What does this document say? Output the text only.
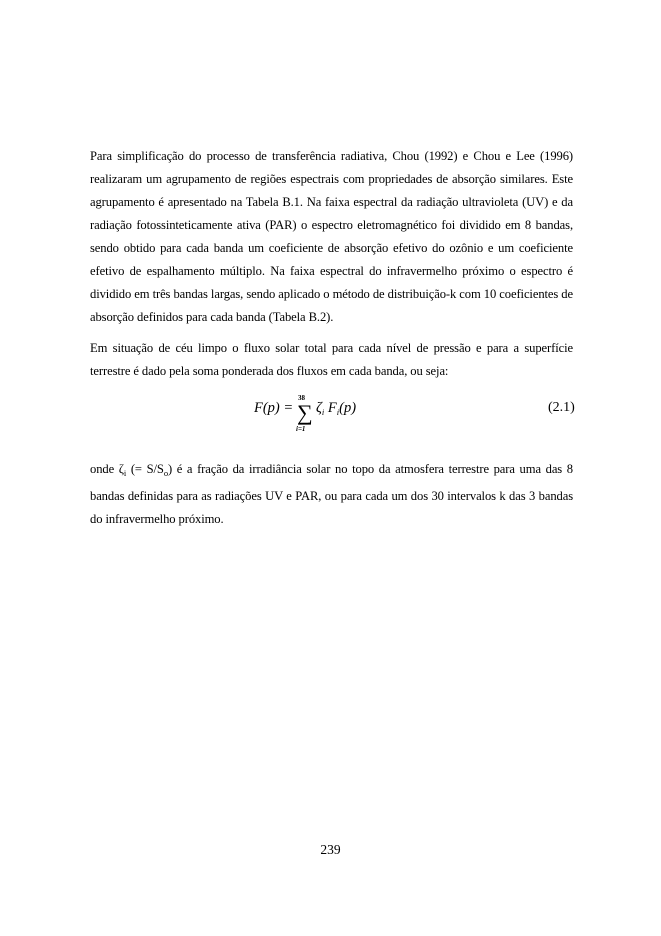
Para simplificação do processo de transferência radiativa, Chou (1992) e Chou e Lee (1996) realizaram um agrupamento de regiões espectrais com propriedades de absorção similares. Este agrupamento é apresentado na Tabela B.1. Na faixa espectral da radiação ultravioleta (UV) e da radiação fotossinteticamente ativa (PAR) o espectro eletromagnético foi dividido em 8 bandas, sendo obtido para cada banda um coeficiente de absorção efetivo do ozônio e um coeficiente efetivo de espalhamento múltiplo. Na faixa espectral do infravermelho próximo o espectro é dividido em três bandas largas, sendo aplicado o método de distribuição-k com 10 coeficientes de absorção definidos para cada banda (Tabela B.2).

Em situação de céu limpo o fluxo solar total para cada nível de pressão e para a superfície terrestre é dado pela soma ponderada dos fluxos em cada banda, ou seja:

F(p) =
38
∑
i=1
$\zeta_i$ $F_i(p)$	(2.1)

onde $\zeta_i$ (= $S/S_o$) é a fração da irradiância solar no topo da atmosfera terrestre para uma das 8 bandas definidas para as radiações UV e PAR, ou para cada um dos 30 intervalos k das 3 bandas do infravermelho próximo.

239
